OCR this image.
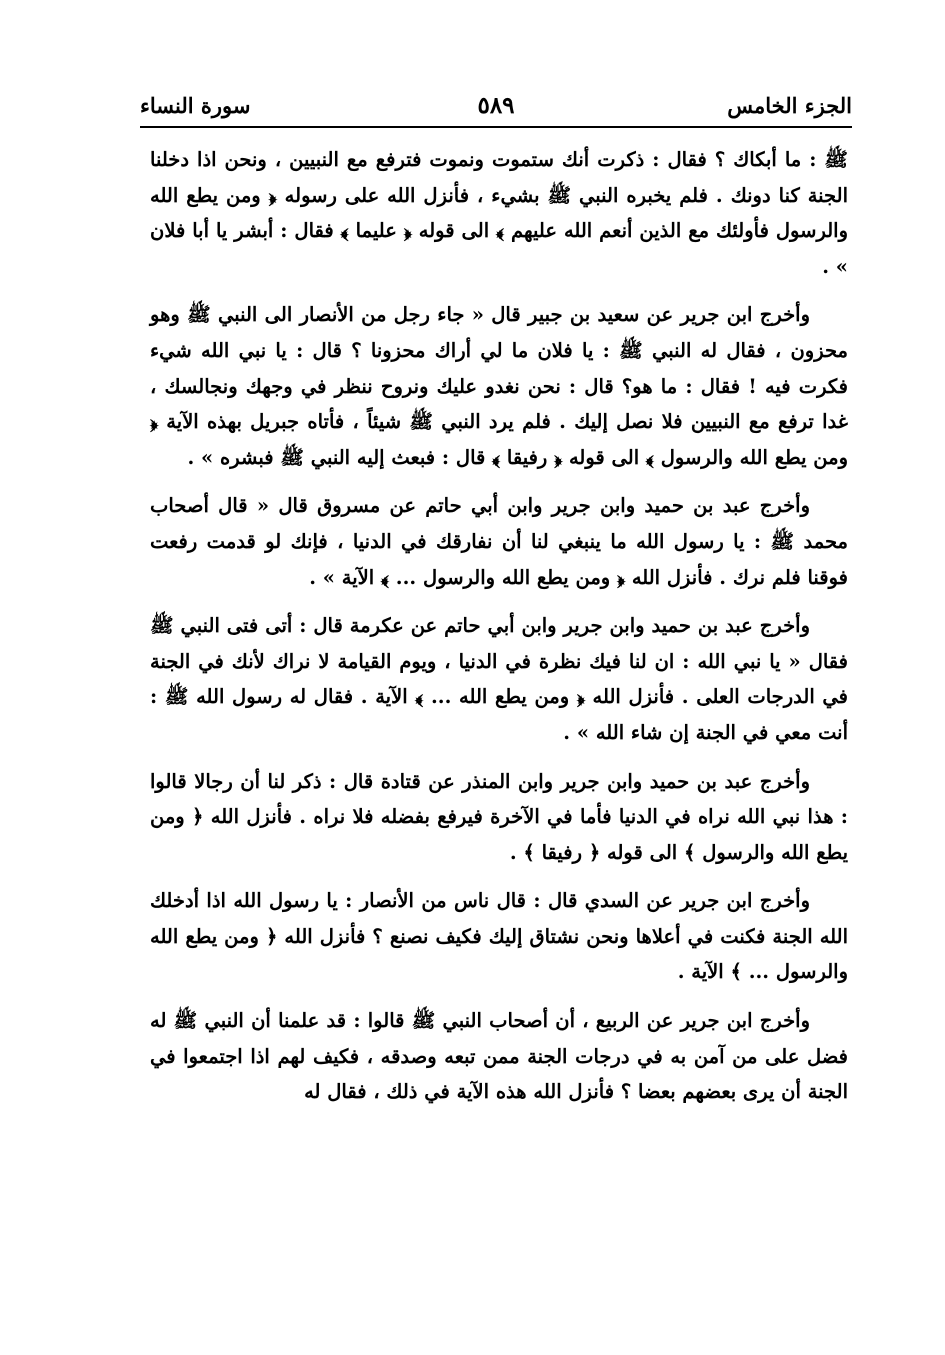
الجزء الخامس
٥٨٩
سورة النساء

ﷺ : ما أبكاك ؟ فقال : ذكرت أنك ستموت ونموت فترفع مع النبيين ، ونحن اذا دخلنا الجنة كنا دونك . فلم يخبره النبي ﷺ بشيء ، فأنزل الله على رسوله ﴿ ومن يطع الله والرسول فأولئك مع الذين أنعم الله عليهم ﴾ الى قوله ﴿ عليما ﴾ فقال : أبشر يا أبا فلان » .

وأخرج ابن جرير عن سعيد بن جبير قال « جاء رجل من الأنصار الى النبي ﷺ وهو محزون ، فقال له النبي ﷺ : يا فلان ما لي أراك محزونا ؟ قال : يا نبي الله شيء فكرت فيه ! فقال : ما هو؟ قال : نحن نغدو عليك ونروح ننظر في وجهك ونجالسك ، غدا ترفع مع النبيين فلا نصل إليك . فلم يرد النبي ﷺ شيئاً ، فأتاه جبريل بهذه الآية ﴿ ومن يطع الله والرسول ﴾ الى قوله ﴿ رفيقا ﴾ قال : فبعث إليه النبي ﷺ فبشره » .

وأخرج عبد بن حميد وابن جرير وابن أبي حاتم عن مسروق قال « قال أصحاب محمد ﷺ : يا رسول الله ما ينبغي لنا أن نفارقك في الدنيا ، فإنك لو قدمت رفعت فوقنا فلم نرك . فأنزل الله ﴿ ومن يطع الله والرسول ... ﴾ الآية » .

وأخرج عبد بن حميد وابن جرير وابن أبي حاتم عن عكرمة قال : أتى فتى النبي ﷺ فقال « يا نبي الله : ان لنا فيك نظرة في الدنيا ، ويوم القيامة لا نراك لأنك في الجنة في الدرجات العلى . فأنزل الله ﴿ ومن يطع الله ... ﴾ الآية . فقال له رسول الله ﷺ : أنت معي في الجنة إن شاء الله » .

وأخرج عبد بن حميد وابن جرير وابن المنذر عن قتادة قال : ذكر لنا أن رجالا قالوا : هذا نبي الله نراه في الدنيا فأما في الآخرة فيرفع بفضله فلا نراه . فأنزل الله ﴿ ومن يطع الله والرسول ﴾ الى قوله ﴿ رفيقا ﴾ .

وأخرج ابن جرير عن السدي قال : قال ناس من الأنصار : يا رسول الله اذا أدخلك الله الجنة فكنت في أعلاها ونحن نشتاق إليك فكيف نصنع ؟ فأنزل الله ﴿ ومن يطع الله والرسول ... ﴾ الآية .

وأخرج ابن جرير عن الربيع ، أن أصحاب النبي ﷺ قالوا : قد علمنا أن النبي ﷺ له فضل على من آمن به في درجات الجنة ممن تبعه وصدقه ، فكيف لهم اذا اجتمعوا في الجنة أن يرى بعضهم بعضا ؟ فأنزل الله هذه الآية في ذلك ، فقال له
